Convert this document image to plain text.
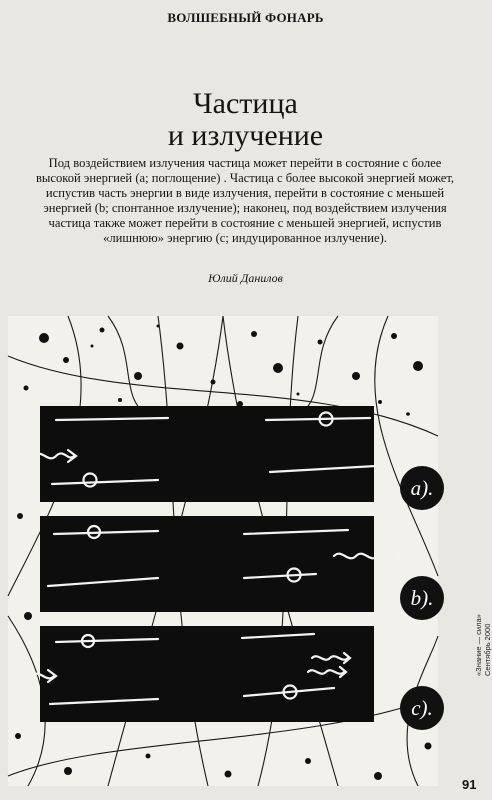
ВОЛШЕБНЫЙ ФОНАРЬ
Частица
и излучение
Под воздействием излучения частица может перейти в состояние с более высокой энергией (a; поглощение) . Частица с более высокой энергией может, испустив часть энергии в виде излучения, перейти в состояние с меньшей энергией (b; спонтанное излучение); наконец, под воздействием излучения частица также может перейти в состояние с меньшей энергией, испустив «лишнюю» энергию (c; индуцированное излучение).
Юлий Данилов
a).
b).
c).
«Знание — сила» Сентябрь 2000
91
